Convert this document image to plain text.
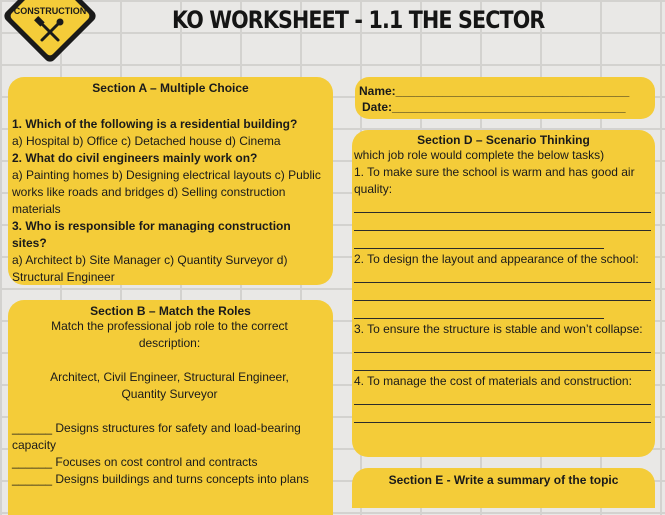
CONSTRUCTION	KO WORKSHEET - 1.1 THE SECTOR
Section A – Multiple Choice

1. Which of the following is a residential building?

a) Hospital b) Office c) Detached house d) Cinema

2. What do civil engineers mainly work on?

a) Painting homes b) Designing electrical layouts c) Public works like roads and bridges d) Selling construction materials

3. Who is responsible for managing construction sites?

a) Architect b) Site Manager c) Quantity Surveyor d) Structural Engineer

Section B – Match the Roles

Match the professional job role to the correct description:

Architect, Civil Engineer, Structural Engineer, Quantity Surveyor

______ Designs structures for safety and load-bearing capacity

______ Focuses on cost control and contracts

______ Designs buildings and turns concepts into plans

Name:___________________________________
Date:___________________________________
Section D – Scenario Thinking

which job role would complete the below tasks)

1. To make sure the school is warm and has good air quality:

2. To design the layout and appearance of the school:

3. To ensure the structure is stable and won’t collapse:

4. To manage the cost of materials and construction:

Section E - Write a summary of the topic
